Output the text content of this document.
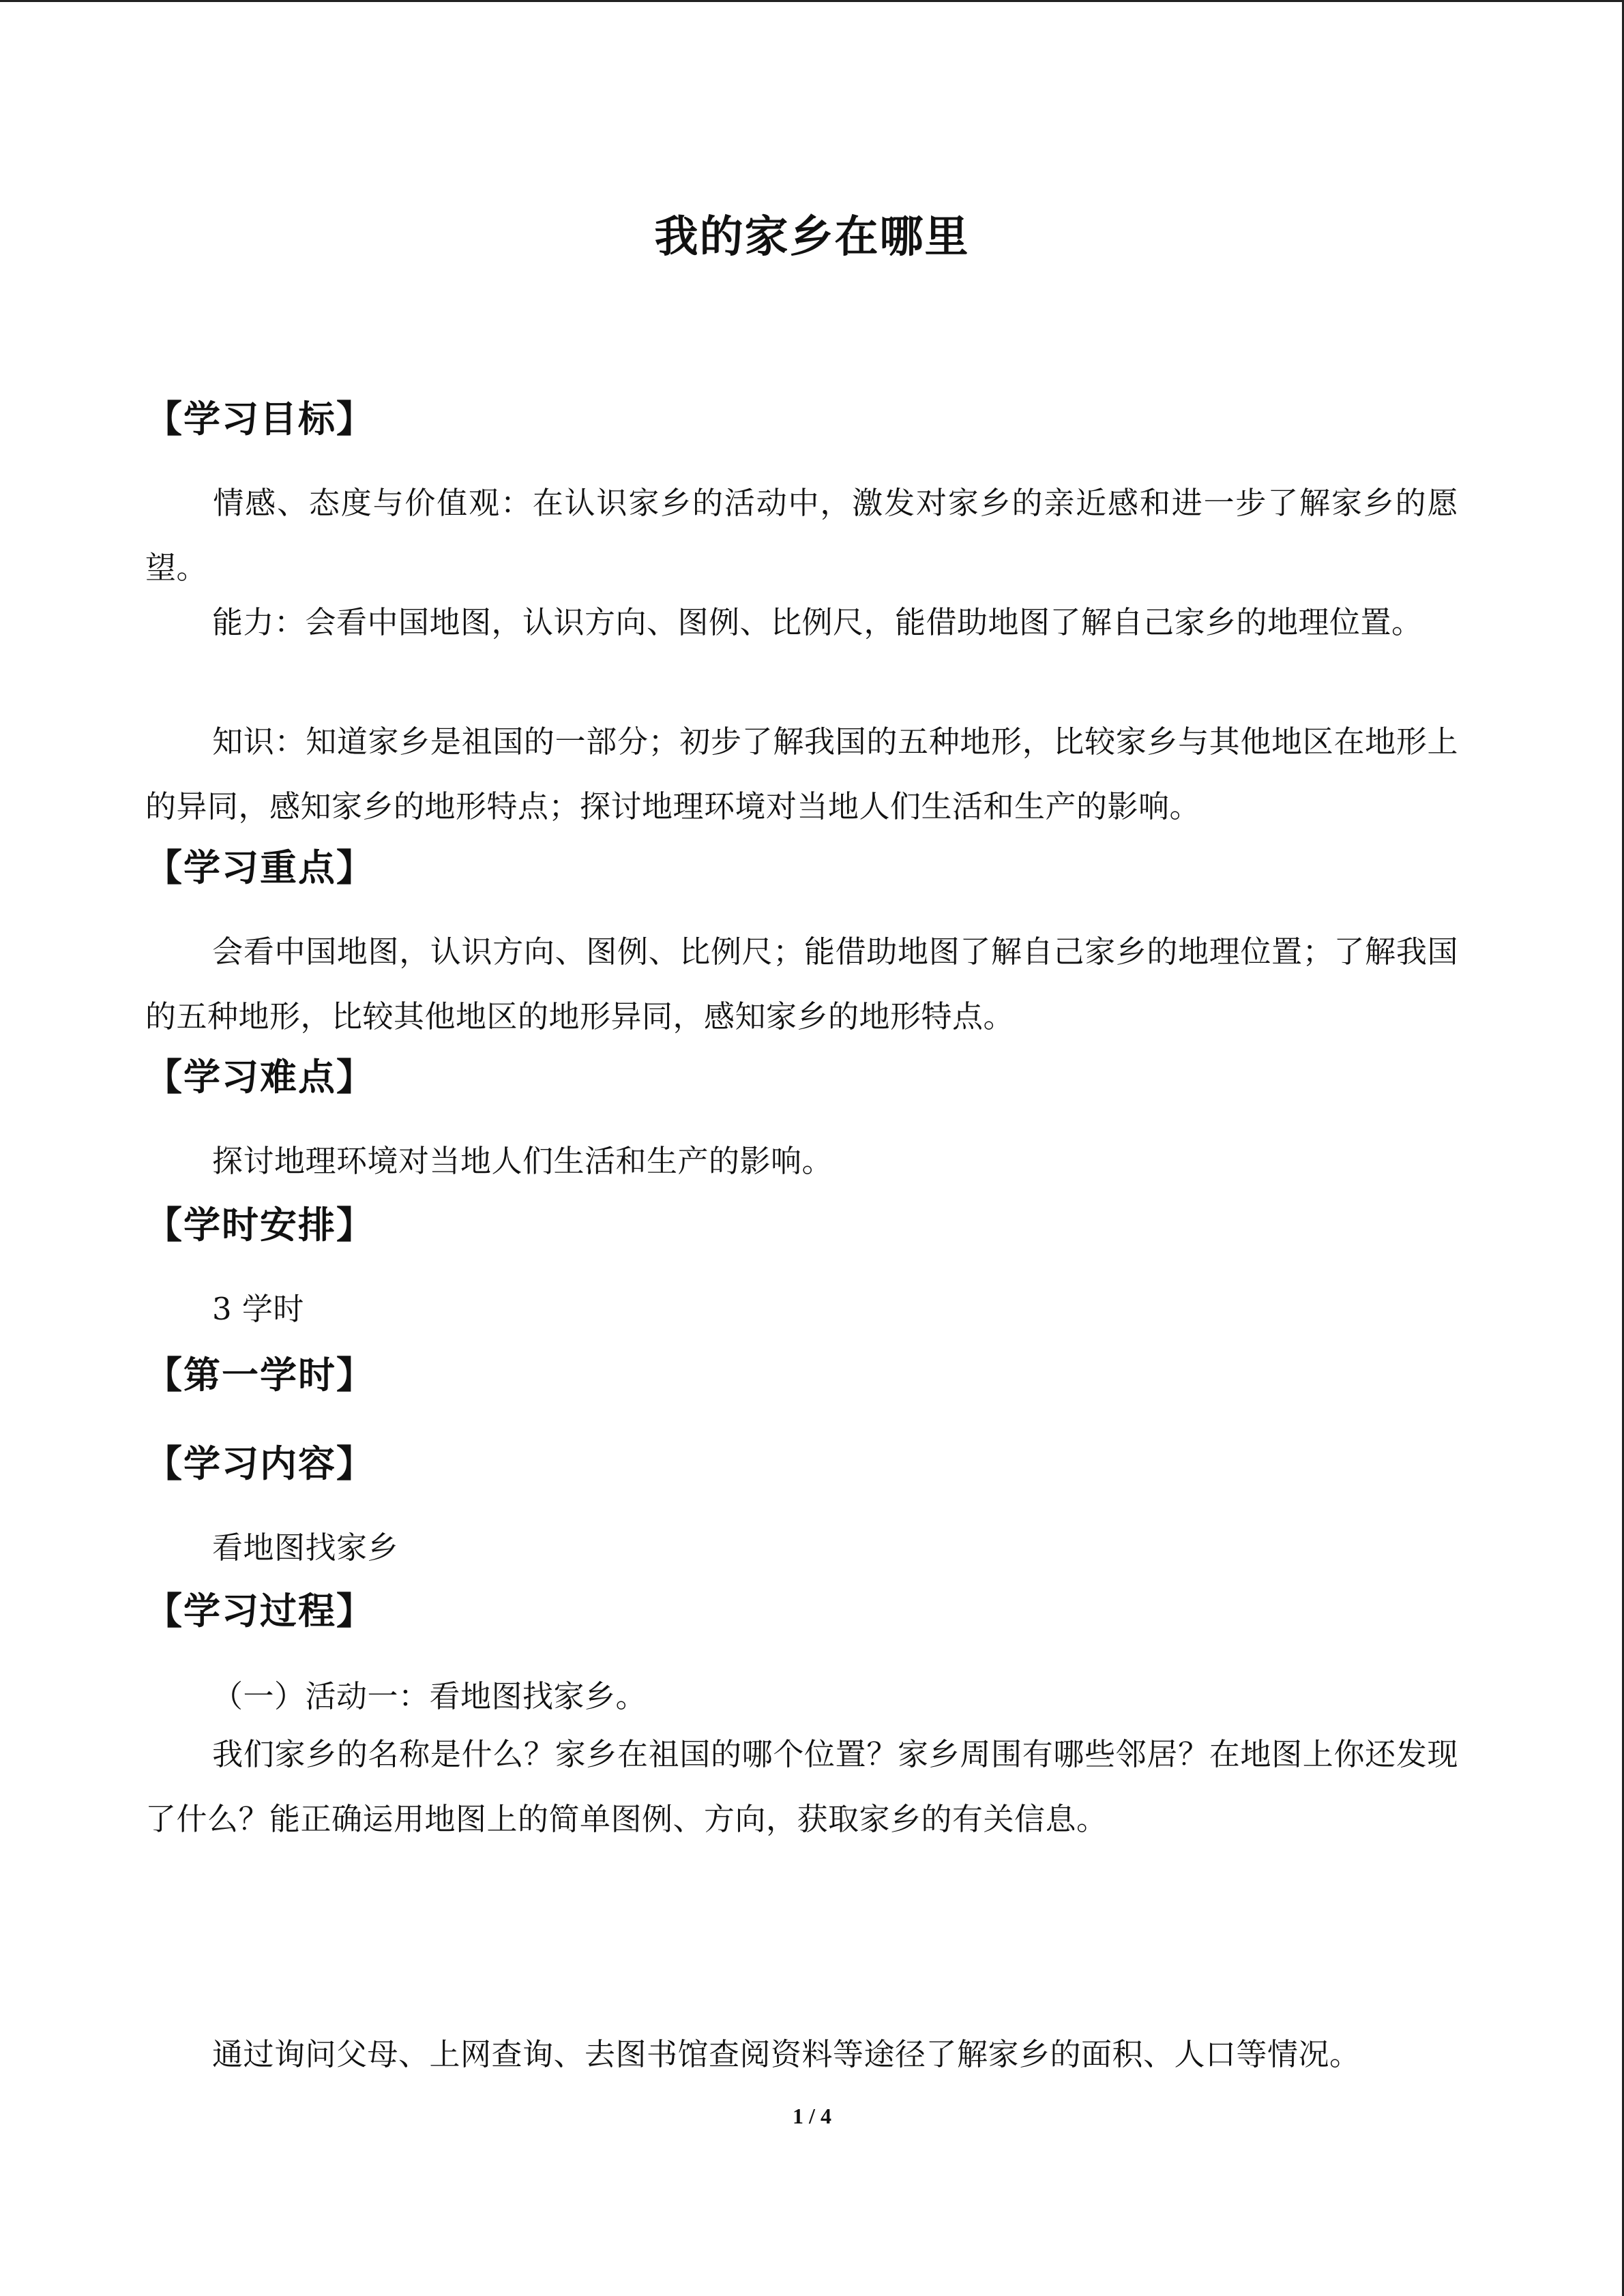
我的家乡在哪里
【学习目标】
情感、态度与价值观：在认识家乡的活动中，激发对家乡的亲近感和进一步了解家乡的愿望。
能力：会看中国地图，认识方向、图例、比例尺，能借助地图了解自己家乡的地理位置。
知识：知道家乡是祖国的一部分；初步了解我国的五种地形，比较家乡与其他地区在地形上的异同，感知家乡的地形特点；探讨地理环境对当地人们生活和生产的影响。
【学习重点】
会看中国地图，认识方向、图例、比例尺；能借助地图了解自己家乡的地理位置；了解我国的五种地形，比较其他地区的地形异同，感知家乡的地形特点。
【学习难点】
探讨地理环境对当地人们生活和生产的影响。
【学时安排】
3 学时
【第一学时】
【学习内容】
看地图找家乡
【学习过程】
（一）活动一：看地图找家乡。
我们家乡的名称是什么？家乡在祖国的哪个位置？家乡周围有哪些邻居？在地图上你还发现了什么？能正确运用地图上的简单图例、方向，获取家乡的有关信息。
通过询问父母、上网查询、去图书馆查阅资料等途径了解家乡的面积、人口等情况。
1 / 4
